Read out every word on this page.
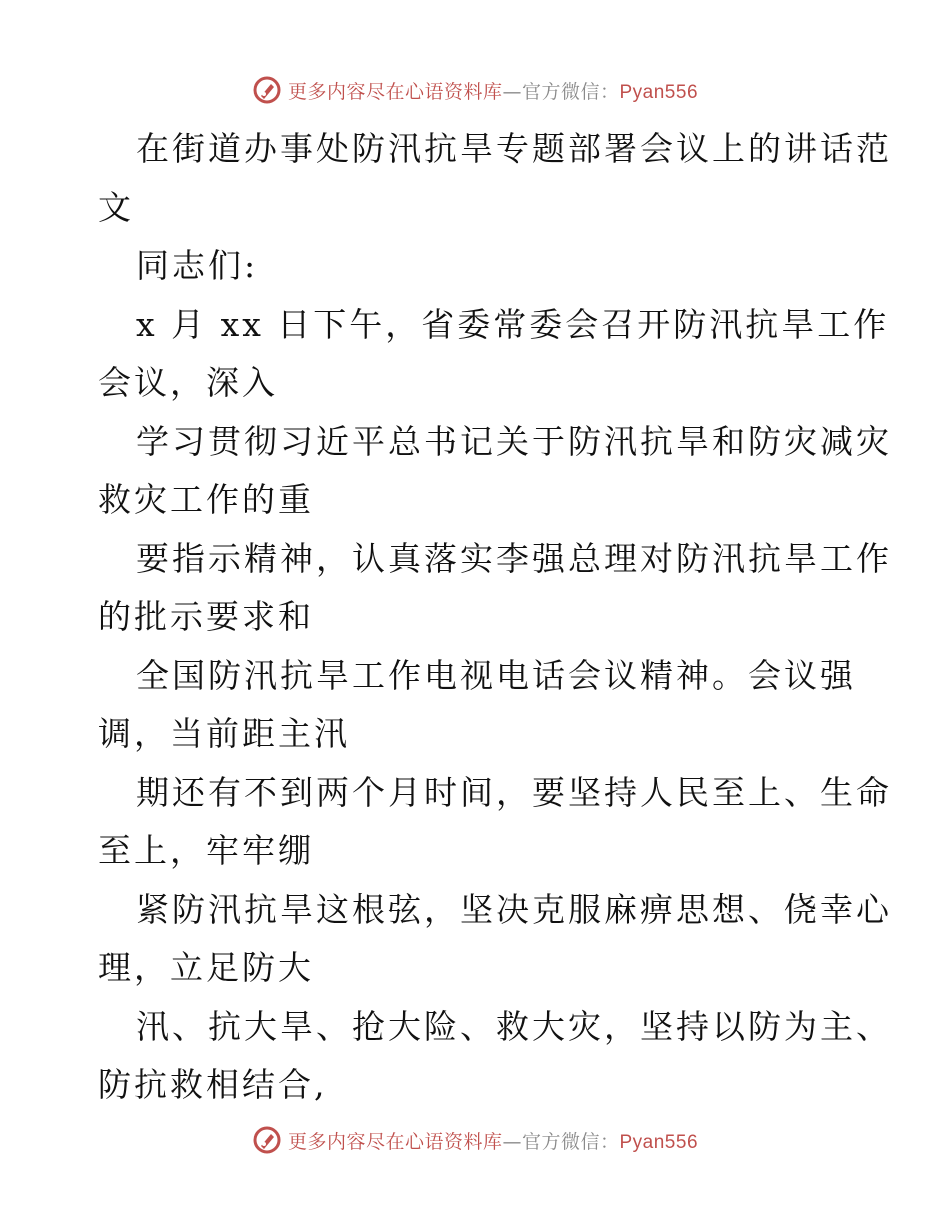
更多内容尽在心语资料库—官方微信：Pyan556
在街道办事处防汛抗旱专题部署会议上的讲话范
文
同志们:
x 月 xx 日下午，省委常委会召开防汛抗旱工作
会议，深入
学习贯彻习近平总书记关于防汛抗旱和防灾减灾
救灾工作的重
要指示精神，认真落实李强总理对防汛抗旱工作
的批示要求和
全国防汛抗旱工作电视电话会议精神。会议强
调，当前距主汛
期还有不到两个月时间，要坚持人民至上、生命
至上，牢牢绷
紧防汛抗旱这根弦，坚决克服麻痹思想、侥幸心
理，立足防大
汛、抗大旱、抢大险、救大灾，坚持以防为主、
防抗救相结合,
更多内容尽在心语资料库—官方微信：Pyan556
